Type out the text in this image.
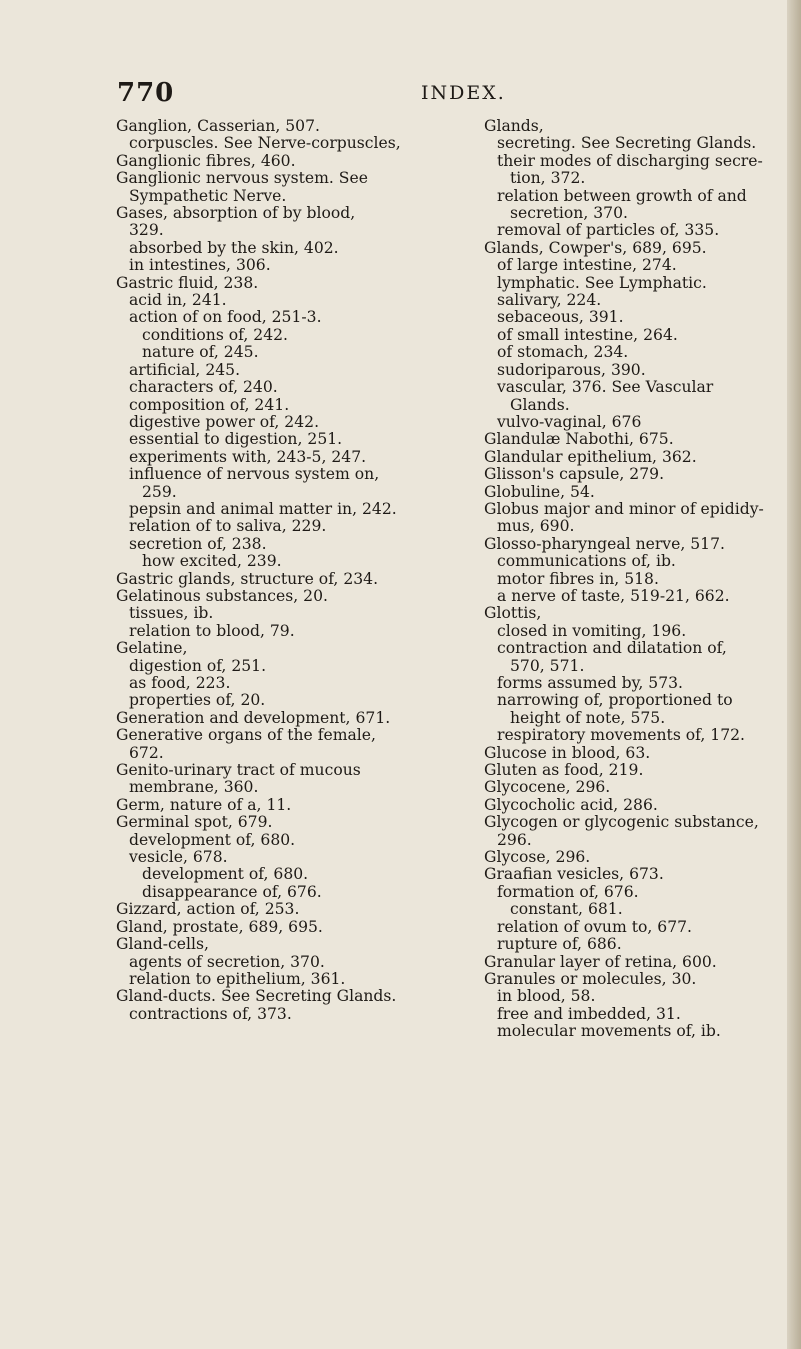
770	INDEX.
Ganglion, Casserian, 507.
corpuscles. See Nerve-corpuscles,
Ganglionic fibres, 460.
Ganglionic nervous system. See
Sympathetic Nerve.
Gases, absorption of by blood,
329.
absorbed by the skin, 402.
in intestines, 306.
Gastric fluid, 238.
acid in, 241.
action of on food, 251-3.
conditions of, 242.
nature of, 245.
artificial, 245.
characters of, 240.
composition of, 241.
digestive power of, 242.
essential to digestion, 251.
experiments with, 243-5, 247.
influence of nervous system on,
259.
pepsin and animal matter in, 242.
relation of to saliva, 229.
secretion of, 238.
how excited, 239.
Gastric glands, structure of, 234.
Gelatinous substances, 20.
tissues, ib.
relation to blood, 79.
Gelatine,
digestion of, 251.
as food, 223.
properties of, 20.
Generation and development, 671.
Generative organs of the female,
672.
Genito-urinary tract of mucous
membrane, 360.
Germ, nature of a, 11.
Germinal spot, 679.
development of, 680.
vesicle, 678.
development of, 680.
disappearance of, 676.
Gizzard, action of, 253.
Gland, prostate, 689, 695.
Gland-cells,
agents of secretion, 370.
relation to epithelium, 361.
Gland-ducts. See Secreting Glands.
contractions of, 373.
Glands,
secreting. See Secreting Glands.
their modes of discharging secre-
tion, 372.
relation between growth of and
secretion, 370.
removal of particles of, 335.
Glands, Cowper's, 689, 695.
of large intestine, 274.
lymphatic. See Lymphatic.
salivary, 224.
sebaceous, 391.
of small intestine, 264.
of stomach, 234.
sudoriparous, 390.
vascular, 376. See Vascular
Glands.
vulvo-vaginal, 676
Glandulæ Nabothi, 675.
Glandular epithelium, 362.
Glisson's capsule, 279.
Globuline, 54.
Globus major and minor of epididy-
mus, 690.
Glosso-pharyngeal nerve, 517.
communications of, ib.
motor fibres in, 518.
a nerve of taste, 519-21, 662.
Glottis,
closed in vomiting, 196.
contraction and dilatation of,
570, 571.
forms assumed by, 573.
narrowing of, proportioned to
height of note, 575.
respiratory movements of, 172.
Glucose in blood, 63.
Gluten as food, 219.
Glycocene, 296.
Glycocholic acid, 286.
Glycogen or glycogenic substance,
296.
Glycose, 296.
Graafian vesicles, 673.
formation of, 676.
constant, 681.
relation of ovum to, 677.
rupture of, 686.
Granular layer of retina, 600.
Granules or molecules, 30.
in blood, 58.
free and imbedded, 31.
molecular movements of, ib.
